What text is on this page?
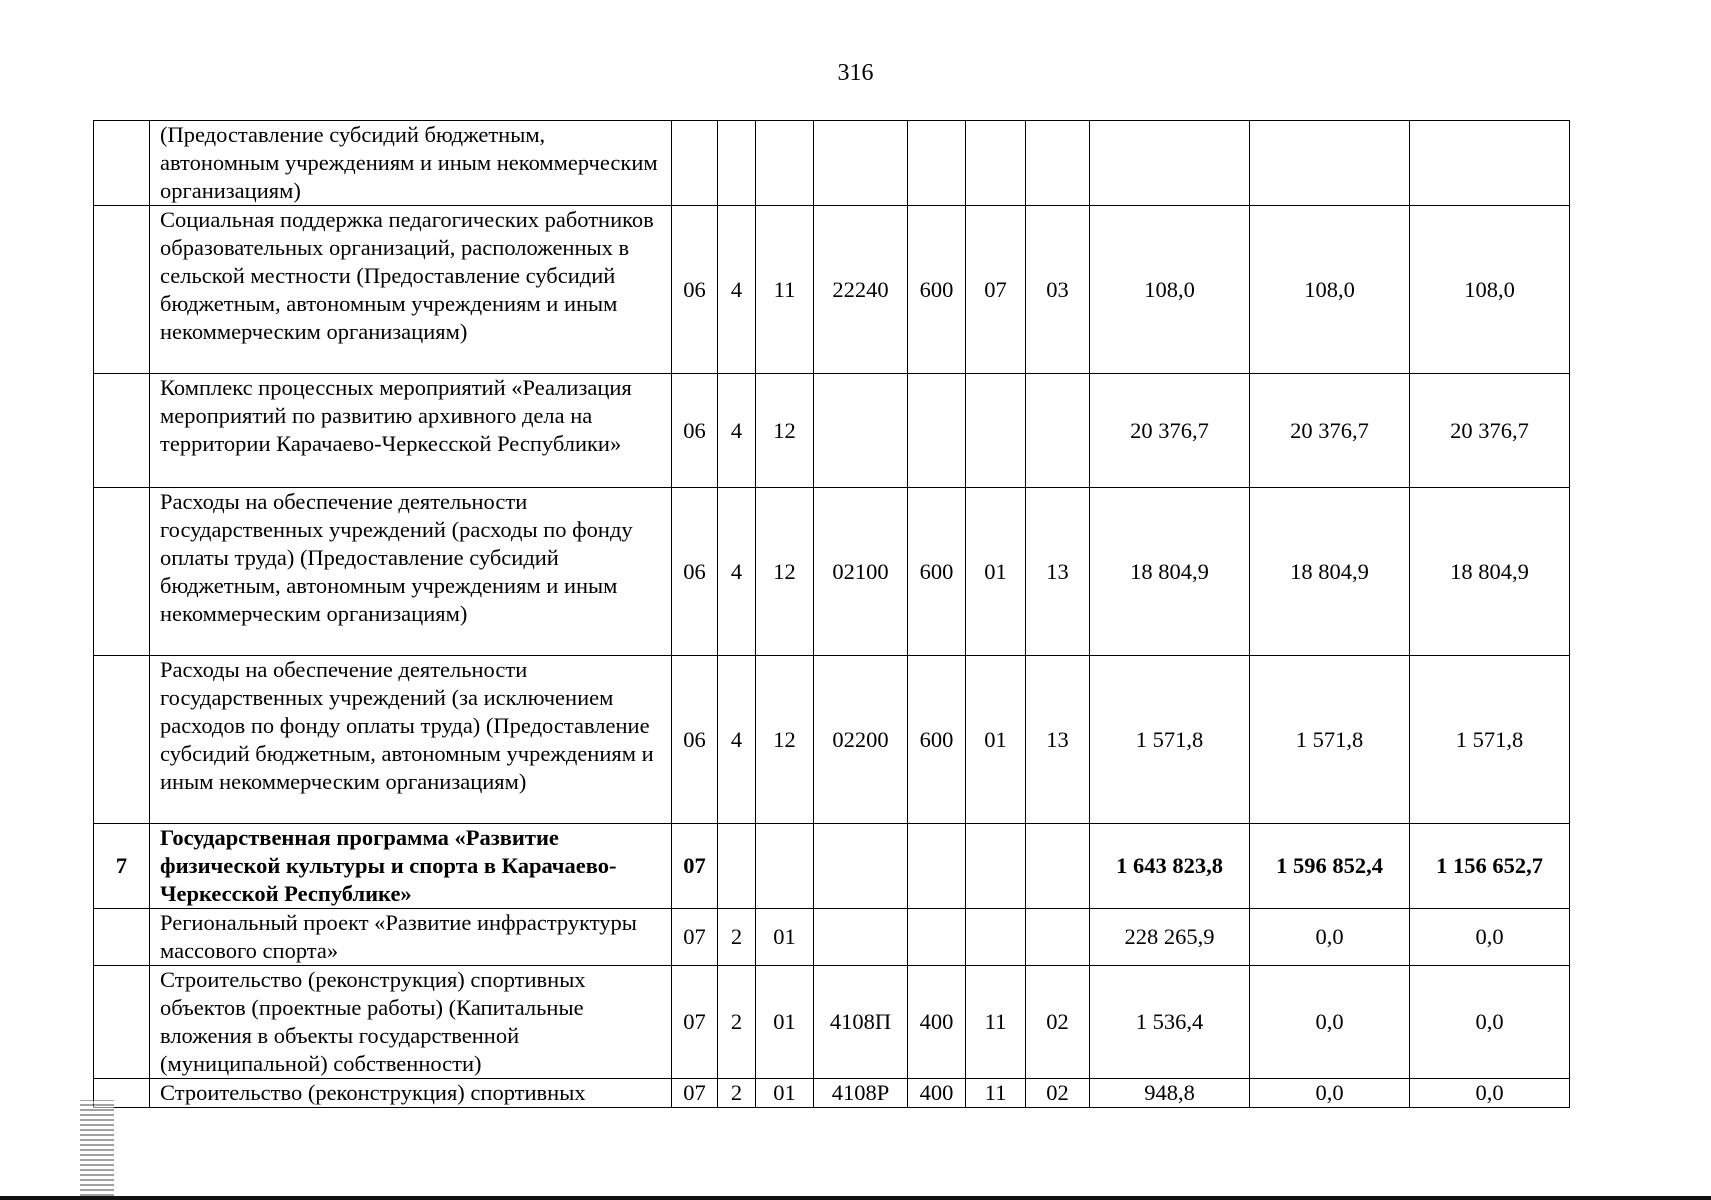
316
	(Предоставление субсидий бюджетным, автономным учреждениям и иным некоммерческим организациям)										
	Социальная поддержка педагогических работников образовательных организаций, расположенных в сельской местности (Предоставление субсидий бюджетным, автономным учреждениям и иным некоммерческим организациям)	06	4	11	22240	600	07	03	108,0	108,0	108,0
	Комплекс процессных мероприятий «Реализация мероприятий по развитию архивного дела на территории Карачаево-Черкесской Республики»	06	4	12					20 376,7	20 376,7	20 376,7
	Расходы на обеспечение деятельности государственных учреждений (расходы по фонду оплаты труда) (Предоставление субсидий бюджетным, автономным учреждениям и иным некоммерческим организациям)	06	4	12	02100	600	01	13	18 804,9	18 804,9	18 804,9
	Расходы на обеспечение деятельности государственных учреждений (за исключением расходов по фонду оплаты труда) (Предоставление субсидий бюджетным, автономным учреждениям и иным некоммерческим организациям)	06	4	12	02200	600	01	13	1 571,8	1 571,8	1 571,8
7	Государственная программа «Развитие физической культуры и спорта в Карачаево-Черкесской Республике»	07							1 643 823,8	1 596 852,4	1 156 652,7
	Региональный проект «Развитие инфраструктуры массового спорта»	07	2	01					228 265,9	0,0	0,0
	Строительство (реконструкция) спортивных объектов (проектные работы) (Капитальные вложения в объекты государственной (муниципальной) собственности)	07	2	01	4108П	400	11	02	1 536,4	0,0	0,0
	Строительство (реконструкция) спортивных	07	2	01	4108Р	400	11	02	948,8	0,0	0,0
